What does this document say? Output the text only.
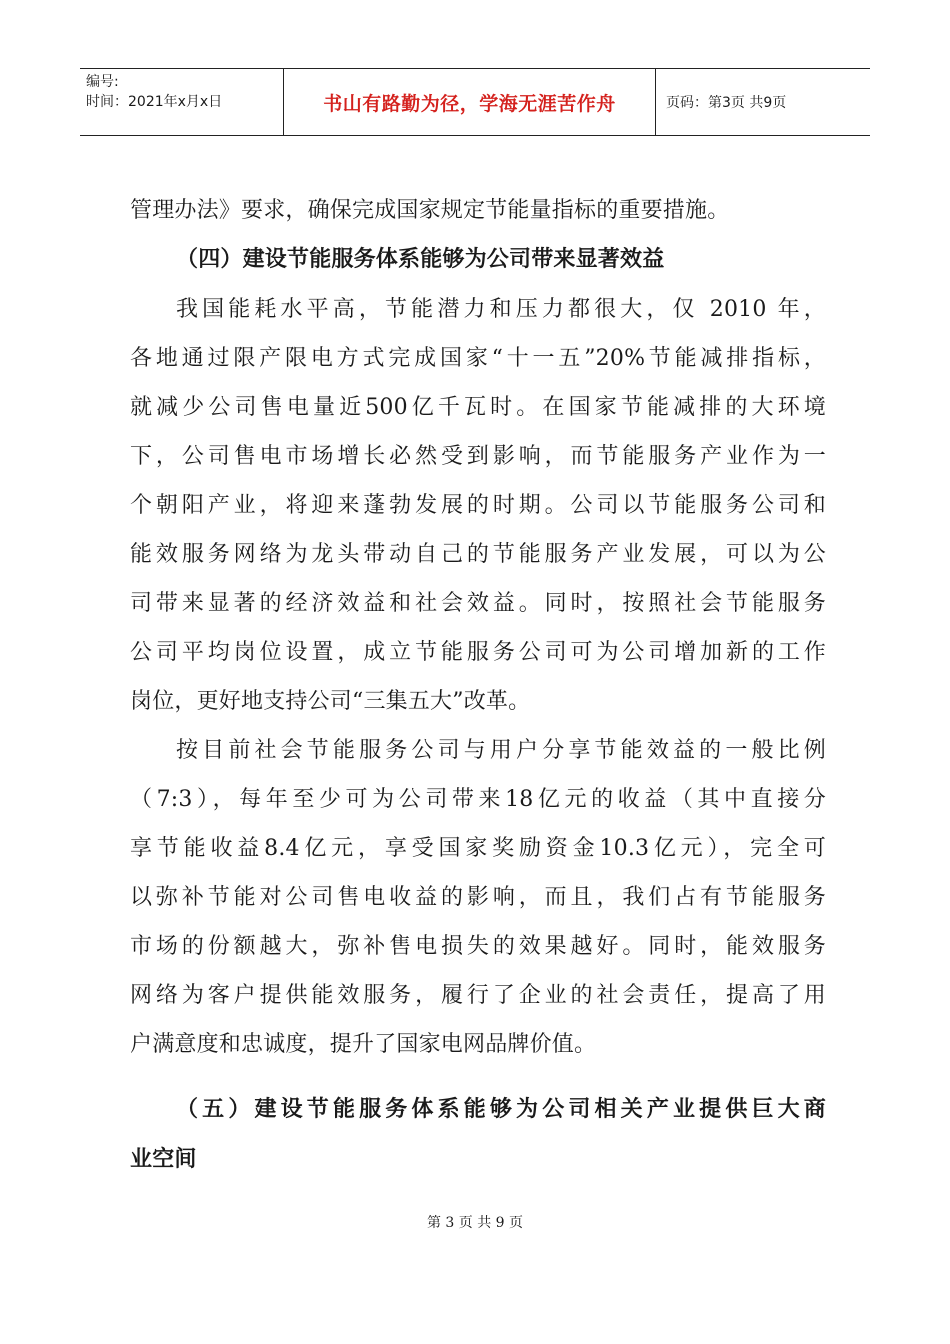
编号:
时间：2021年x月x日	书山有路勤为径，学海无涯苦作舟	页码：第3页 共9页
管理办法》要求，确保完成国家规定节能量指标的重要措施。
（四）建设节能服务体系能够为公司带来显著效益
我国能耗水平高，节能潜力和压力都很大，仅 2010 年，
各地通过限产限电方式完成国家“十一五”20%节能减排指标，
就减少公司售电量近500亿千瓦时。在国家节能减排的大环境
下，公司售电市场增长必然受到影响，而节能服务产业作为一
个朝阳产业，将迎来蓬勃发展的时期。公司以节能服务公司和
能效服务网络为龙头带动自己的节能服务产业发展，可以为公
司带来显著的经济效益和社会效益。同时，按照社会节能服务
公司平均岗位设置，成立节能服务公司可为公司增加新的工作
岗位，更好地支持公司“三集五大”改革。
按目前社会节能服务公司与用户分享节能效益的一般比例
（7:3），每年至少可为公司带来18亿元的收益（其中直接分
享节能收益8.4亿元，享受国家奖励资金10.3亿元），完全可
以弥补节能对公司售电收益的影响，而且，我们占有节能服务
市场的份额越大，弥补售电损失的效果越好。同时，能效服务
网络为客户提供能效服务，履行了企业的社会责任，提高了用
户满意度和忠诚度，提升了国家电网品牌价值。
（五）建设节能服务体系能够为公司相关产业提供巨大商
业空间
第 3 页 共 9 页
